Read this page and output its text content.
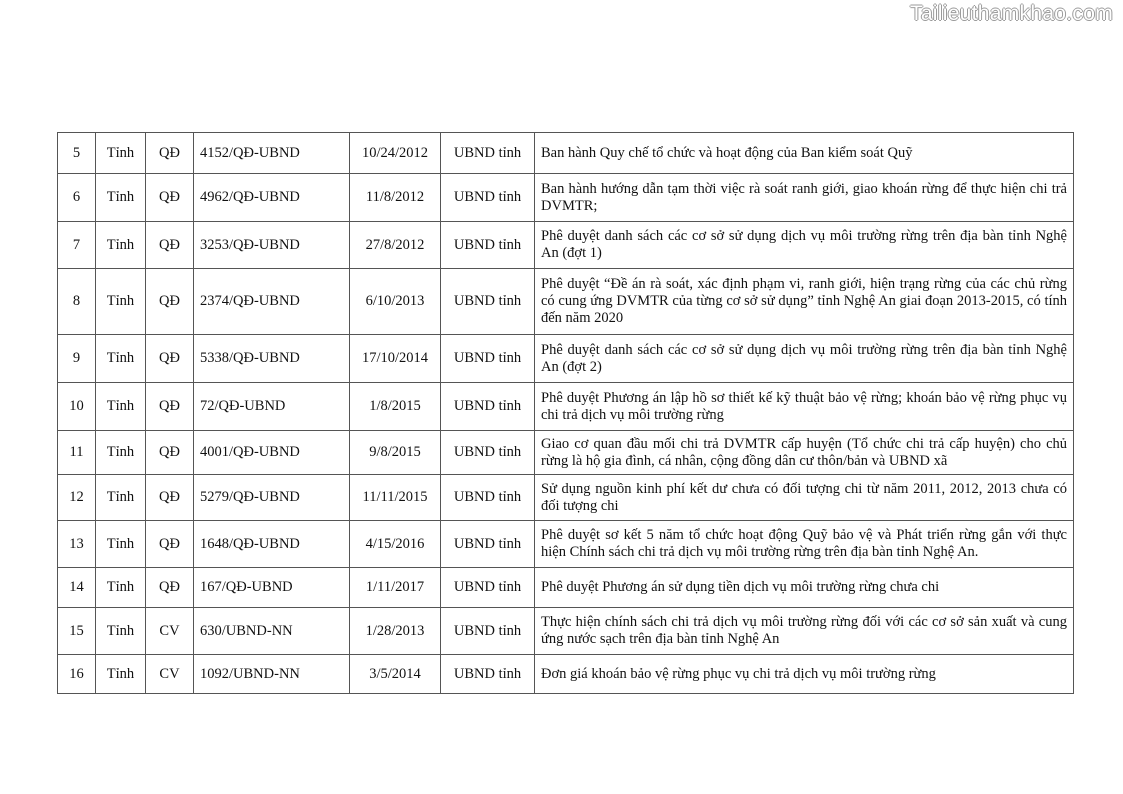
Tailieuthamkhao.com
5	Tỉnh	QĐ	4152/QĐ-UBND	10/24/2012	UBND tỉnh	Ban hành Quy chế tổ chức và hoạt động của Ban kiểm soát Quỹ
6	Tỉnh	QĐ	4962/QĐ-UBND	11/8/2012	UBND tỉnh	Ban hành hướng dẫn tạm thời việc rà soát ranh giới, giao khoán rừng để thực hiện chi trả DVMTR;
7	Tỉnh	QĐ	3253/QĐ-UBND	27/8/2012	UBND tỉnh	Phê duyệt danh sách các cơ sở sử dụng dịch vụ môi trường rừng trên địa bàn tỉnh Nghệ An (đợt 1)
8	Tỉnh	QĐ	2374/QĐ-UBND	6/10/2013	UBND tỉnh	Phê duyệt “Đề án rà soát, xác định phạm vi, ranh giới, hiện trạng rừng của các chủ rừng có cung ứng DVMTR của từng cơ sở sử dụng” tỉnh Nghệ An giai đoạn 2013-2015, có tính đến năm 2020
9	Tỉnh	QĐ	5338/QĐ-UBND	17/10/2014	UBND tỉnh	Phê duyệt danh sách các cơ sở sử dụng dịch vụ môi trường rừng trên địa bàn tỉnh Nghệ An (đợt 2)
10	Tỉnh	QĐ	72/QĐ-UBND	1/8/2015	UBND tỉnh	Phê duyệt Phương án lập hồ sơ thiết kế kỹ thuật bảo vệ rừng; khoán bảo vệ rừng phục vụ chi trả dịch vụ môi trường rừng
11	Tỉnh	QĐ	4001/QĐ-UBND	9/8/2015	UBND tỉnh	Giao cơ quan đầu mối chi trả DVMTR cấp huyện (Tổ chức chi trả cấp huyện) cho chủ rừng là hộ gia đình, cá nhân, cộng đồng dân cư thôn/bản và UBND xã
12	Tỉnh	QĐ	5279/QĐ-UBND	11/11/2015	UBND tỉnh	Sử dụng nguồn kinh phí kết dư chưa có đối tượng chi từ năm 2011, 2012, 2013 chưa có đối tượng chi
13	Tỉnh	QĐ	1648/QĐ-UBND	4/15/2016	UBND tỉnh	Phê duyệt sơ kết 5 năm tổ chức hoạt động Quỹ bảo vệ và Phát triển rừng gắn với thực hiện Chính sách chi trả dịch vụ môi trường rừng trên địa bàn tỉnh Nghệ An.
14	Tỉnh	QĐ	167/QĐ-UBND	1/11/2017	UBND tỉnh	Phê duyệt Phương án sử dụng tiền dịch vụ môi trường rừng chưa chi
15	Tỉnh	CV	630/UBND-NN	1/28/2013	UBND tỉnh	Thực hiện chính sách chi trả dịch vụ môi trường rừng đối với các cơ sở sản xuất và cung ứng nước sạch trên địa bàn tỉnh Nghệ An
16	Tỉnh	CV	1092/UBND-NN	3/5/2014	UBND tỉnh	Đơn giá khoán bảo vệ rừng phục vụ chi trả dịch vụ môi trường rừng
